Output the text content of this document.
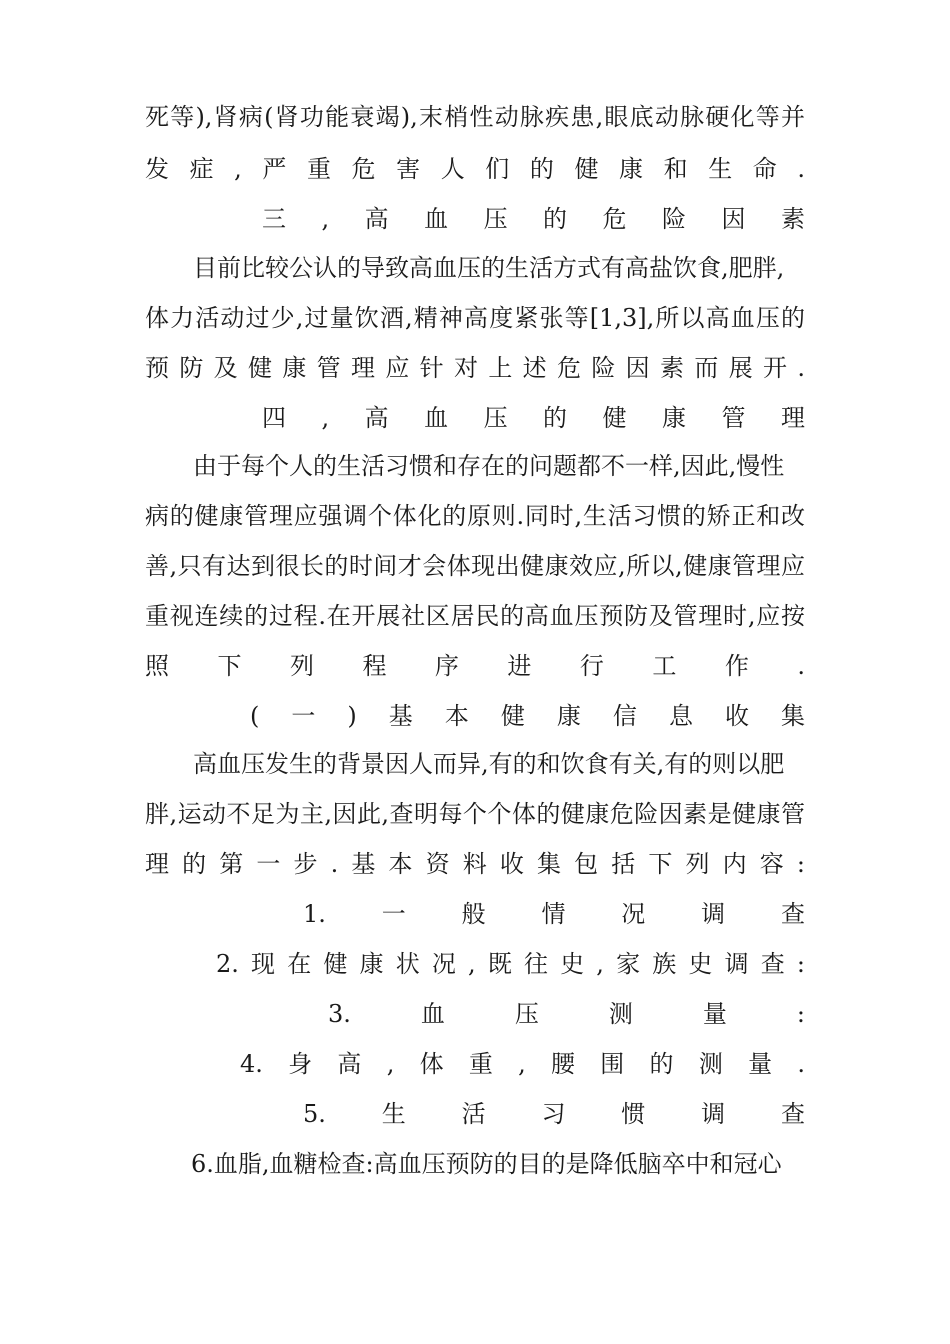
死等),肾病(肾功能衰竭),末梢性动脉疾患,眼底动脉硬化等并
发症,严重危害人们的健康和生命.
三,高血压的危险因素
目前比较公认的导致高血压的生活方式有高盐饮食,肥胖,
体力活动过少,过量饮酒,精神高度紧张等[1,3],所以高血压的
预防及健康管理应针对上述危险因素而展开.
四,高血压的健康管理
由于每个人的生活习惯和存在的问题都不一样,因此,慢性
病的健康管理应强调个体化的原则.同时,生活习惯的矫正和改
善,只有达到很长的时间才会体现出健康效应,所以,健康管理应
重视连续的过程.在开展社区居民的高血压预防及管理时,应按
照下列程序进行工作.
(一)基本健康信息收集
高血压发生的背景因人而异,有的和饮食有关,有的则以肥
胖,运动不足为主,因此,查明每个个体的健康危险因素是健康管
理的第一步.基本资料收集包括下列内容:
1.一般情况调查
2.现在健康状况,既往史,家族史调查:
3.血压测量:
4.身高,体重,腰围的测量.
5.生活习惯调查
6.血脂,血糖检查:高血压预防的目的是降低脑卒中和冠心
